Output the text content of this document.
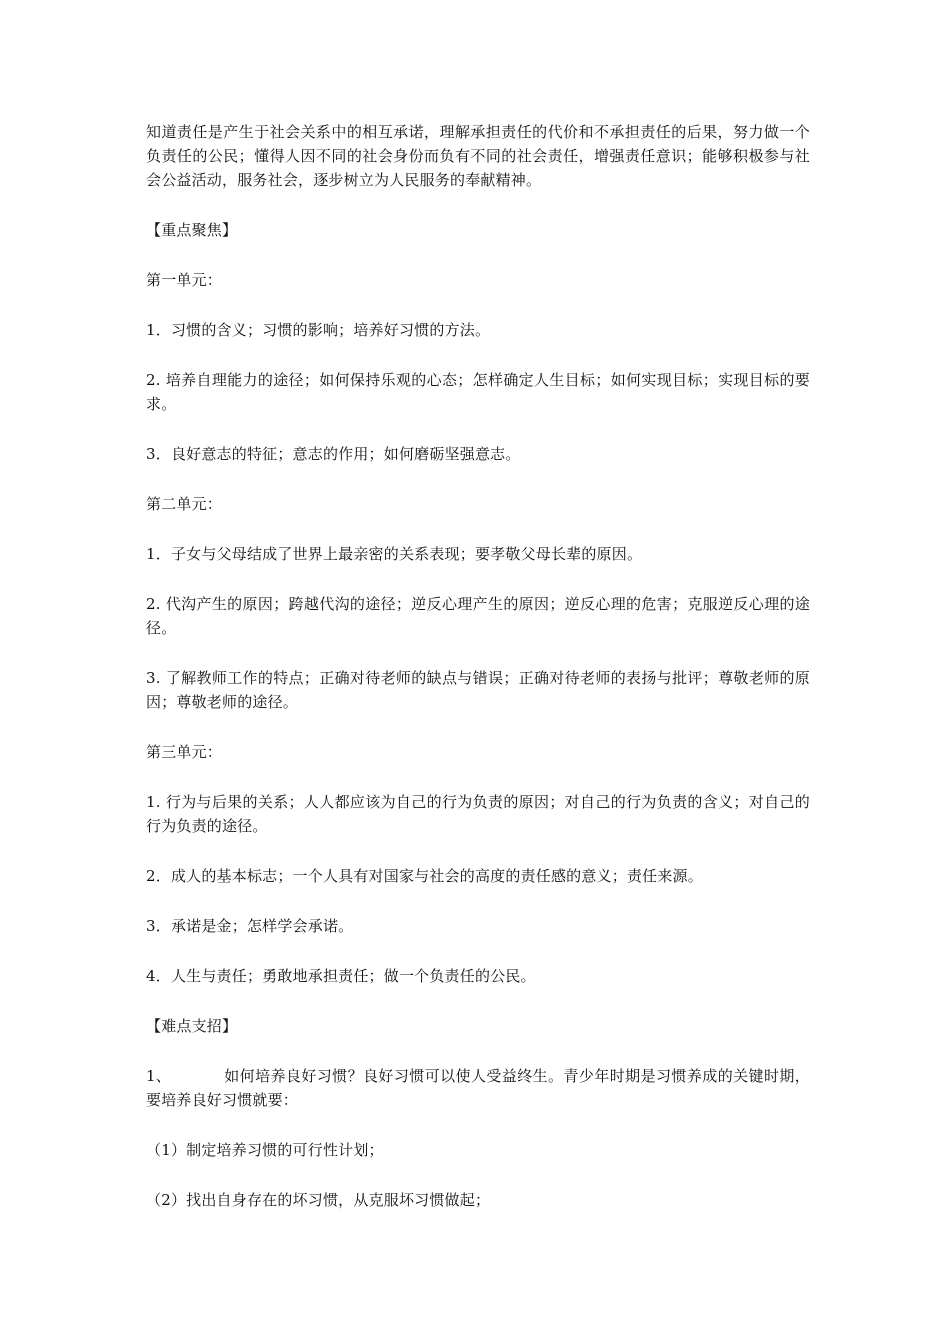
知道责任是产生于社会关系中的相互承诺，理解承担责任的代价和不承担责任的后果，努力做一个负责任的公民；懂得人因不同的社会身份而负有不同的社会责任，增强责任意识；能够积极参与社会公益活动，服务社会，逐步树立为人民服务的奉献精神。

【重点聚焦】

第一单元：

1．习惯的含义；习惯的影响；培养好习惯的方法。

2. 培养自理能力的途径；如何保持乐观的心态；怎样确定人生目标；如何实现目标；实现目标的要求。

3．良好意志的特征；意志的作用；如何磨砺坚强意志。

第二单元：

1．子女与父母结成了世界上最亲密的关系表现；要孝敬父母长辈的原因。

2. 代沟产生的原因；跨越代沟的途径；逆反心理产生的原因；逆反心理的危害；克服逆反心理的途径。

3. 了解教师工作的特点；正确对待老师的缺点与错误；正确对待老师的表扬与批评；尊敬老师的原因；尊敬老师的途径。

第三单元：

1. 行为与后果的关系；人人都应该为自己的行为负责的原因；对自己的行为负责的含义；对自己的行为负责的途径。

2．成人的基本标志；一个人具有对国家与社会的高度的责任感的意义；责任来源。

3．承诺是金；怎样学会承诺。

4．人生与责任；勇敢地承担责任；做一个负责任的公民。

【难点支招】

1、	如何培养良好习惯？良好习惯可以使人受益终生。青少年时期是习惯养成的关键时期，要培养良好习惯就要：

（1）制定培养习惯的可行性计划；

（2）找出自身存在的坏习惯，从克服坏习惯做起；
